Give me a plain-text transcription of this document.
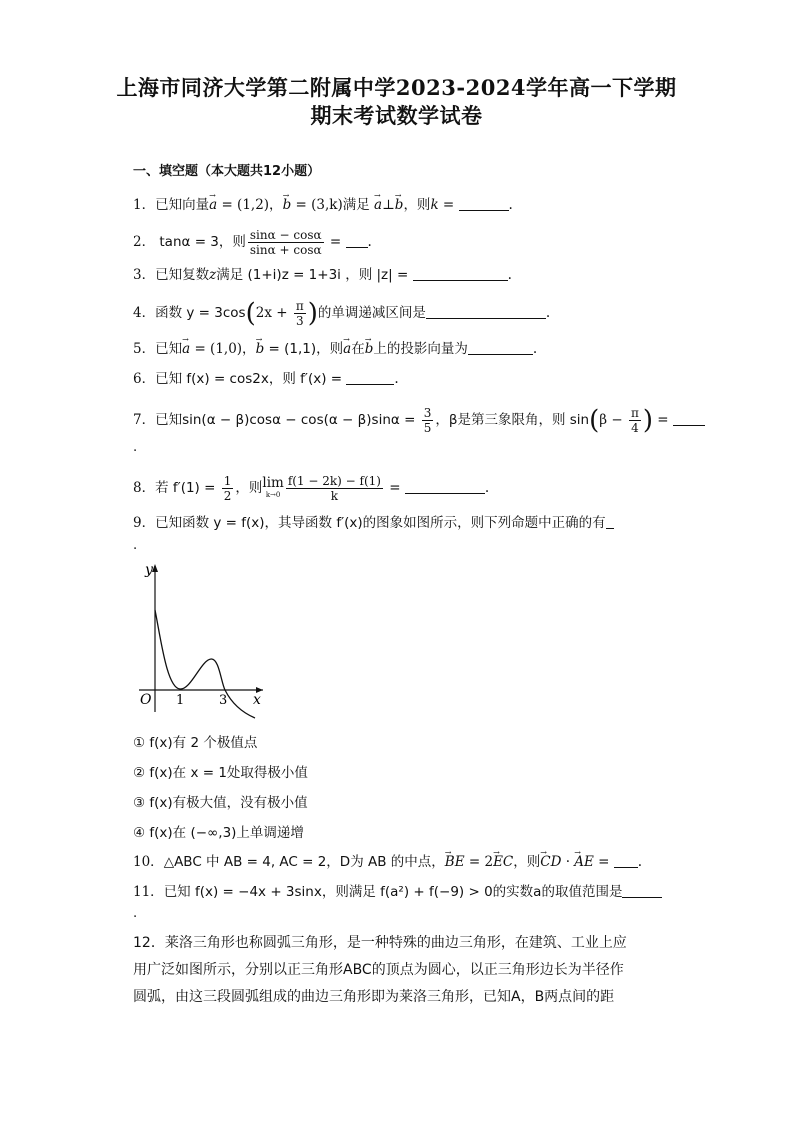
上海市同济大学第二附属中学2023-2024学年高一下学期
期末考试数学试卷
一、填空题（本大题共12小题）
1．已知向量→ a = (1,2)，→ b = (3,k)满足 → a⊥→ b，则k =	.
2． tanα = 3，则 $\frac{\sin\alpha - \cos\alpha}{\sin\alpha + \cos\alpha}$ = .
3．已知复数z满足 (1+i)z = 1+3i ，则 |z| =	.
4．函数 $y = 3\cos(2x + \frac{\pi}{3}$ )的单调递减区间是	.
5．已知→ a = (1,0)，→ b = (1,1)，则→ a在→ b上的投影向量为	.
6．已知 f(x) = cos2x，则 f′(x) =	.
7．已知$\sin(\alpha - \beta)\cos\alpha - \cos(\alpha - \beta)\sin\alpha = \frac{3}{5}$ ，β是第三象限角，则 $\sin(\beta - \frac{\pi}{4}$ ) =
.
8．若 $f'(1) = \frac{1}{2}$ ，则lim
$k\to 0 \frac{f(1 - 2k) - f(1)}{k}$ =	.
9．已知函数 y = f(x)，其导函数 f′(x)的图象如图所示，则下列命题中正确的有
.
y
x
O 1	3
① f(x)有 2 个极值点
② f(x)在 x = 1处取得极小值
③ f(x)有极大值，没有极小值
④ f(x)在 (−∞,3)上单调递增
10．△ABC 中 AB = 4, AC = 2，D为 AB 的中点，→ BE = 2→ EC，则→ CD · → AE = .
11．已知 f(x) = −4x + 3sinx，则满足 f(a²) + f(−9) > 0的实数a的取值范围是
.
12．莱洛三角形也称圆弧三角形，是一种特殊的曲边三角形，在建筑、工业上应
用广泛如图所示，分别以正三角形ABC的顶点为圆心，以正三角形边长为半径作
圆弧，由这三段圆弧组成的曲边三角形即为莱洛三角形，已知A，B两点间的距
